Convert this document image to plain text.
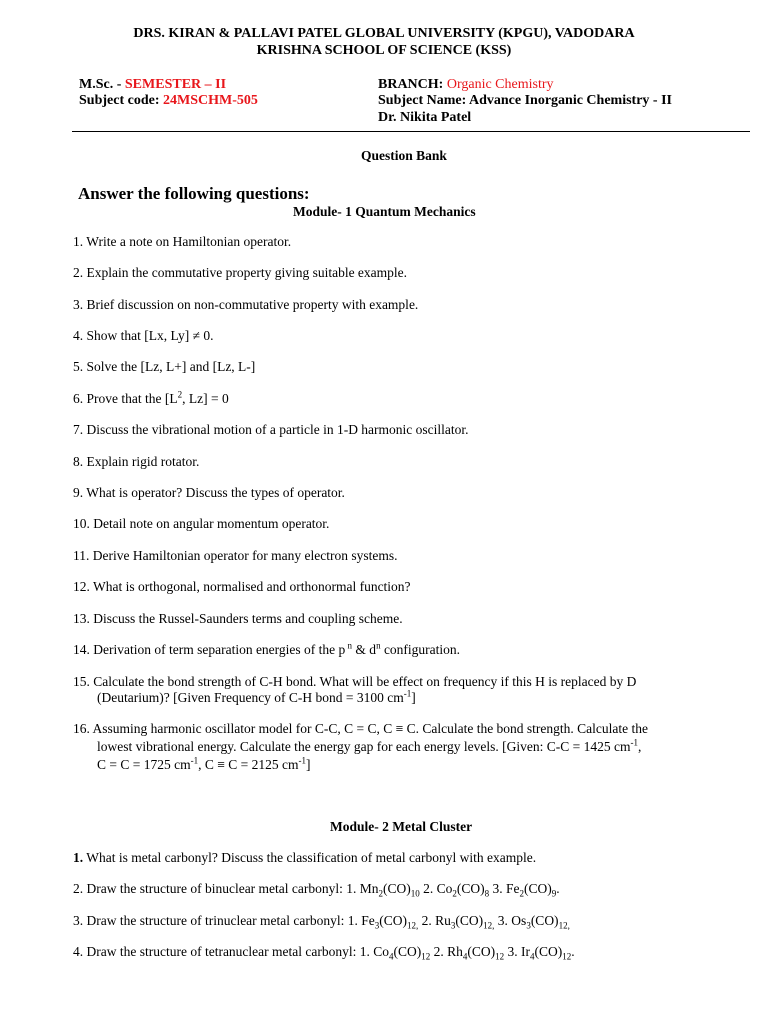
DRS. KIRAN & PALLAVI PATEL GLOBAL UNIVERSITY (KPGU), VADODARA
KRISHNA SCHOOL OF SCIENCE (KSS)
M.Sc. - SEMESTER – II
Subject code: 24MSCHM-505
BRANCH: Organic Chemistry
Subject Name: Advance Inorganic Chemistry - II
Dr. Nikita Patel
Question Bank
Answer the following questions:
Module- 1 Quantum Mechanics
1. Write a note on Hamiltonian operator.
2. Explain the commutative property giving suitable example.
3. Brief discussion on non-commutative property with example.
4. Show that [Lx, Ly] ≠ 0.
5. Solve the [Lz, L+] and [Lz, L-]
6. Prove that the [$L^2$, Lz] = 0
7. Discuss the vibrational motion of a particle in 1-D harmonic oscillator.
8. Explain rigid rotator.
9. What is operator? Discuss the types of operator.
10. Detail note on angular momentum operator.
11. Derive Hamiltonian operator for many electron systems.
12. What is orthogonal, normalised and orthonormal function?
13. Discuss the Russel-Saunders terms and coupling scheme.
14. Derivation of term separation energies of the p $^n$ & $d^n$ configuration.
15. Calculate the bond strength of C-H bond. What will be effect on frequency if this H is replaced by D
(Deutarium)? [Given Frequency of C-H bond = 3100 $cm^{-1}$]
16. Assuming harmonic oscillator model for C-C, C = C, C ≡ C. Calculate the bond strength. Calculate the
lowest vibrational energy. Calculate the energy gap for each energy levels. [Given: C-C = 1425 $cm^{-1}$,
C = C = 1725 $cm^{-1}$, C ≡ C = 2125 $cm^{-1}$]
Module- 2 Metal Cluster
1. What is metal carbonyl? Discuss the classification of metal carbonyl with example.
2. Draw the structure of binuclear metal carbonyl: 1. $Mn_2(CO)_{10}$ 2. $Co_2(CO)_8$ 3. $Fe_2(CO)_9$.
3. Draw the structure of trinuclear metal carbonyl: 1. $Fe_3(CO)_{12,}$ 2. $Ru_3(CO)_{12,}$ 3. $Os_3(CO)_{12,}$
4. Draw the structure of tetranuclear metal carbonyl: 1. $Co_4(CO)_{12}$ 2. $Rh_4(CO)_{12}$ 3. $Ir_4(CO)_{12}$.
